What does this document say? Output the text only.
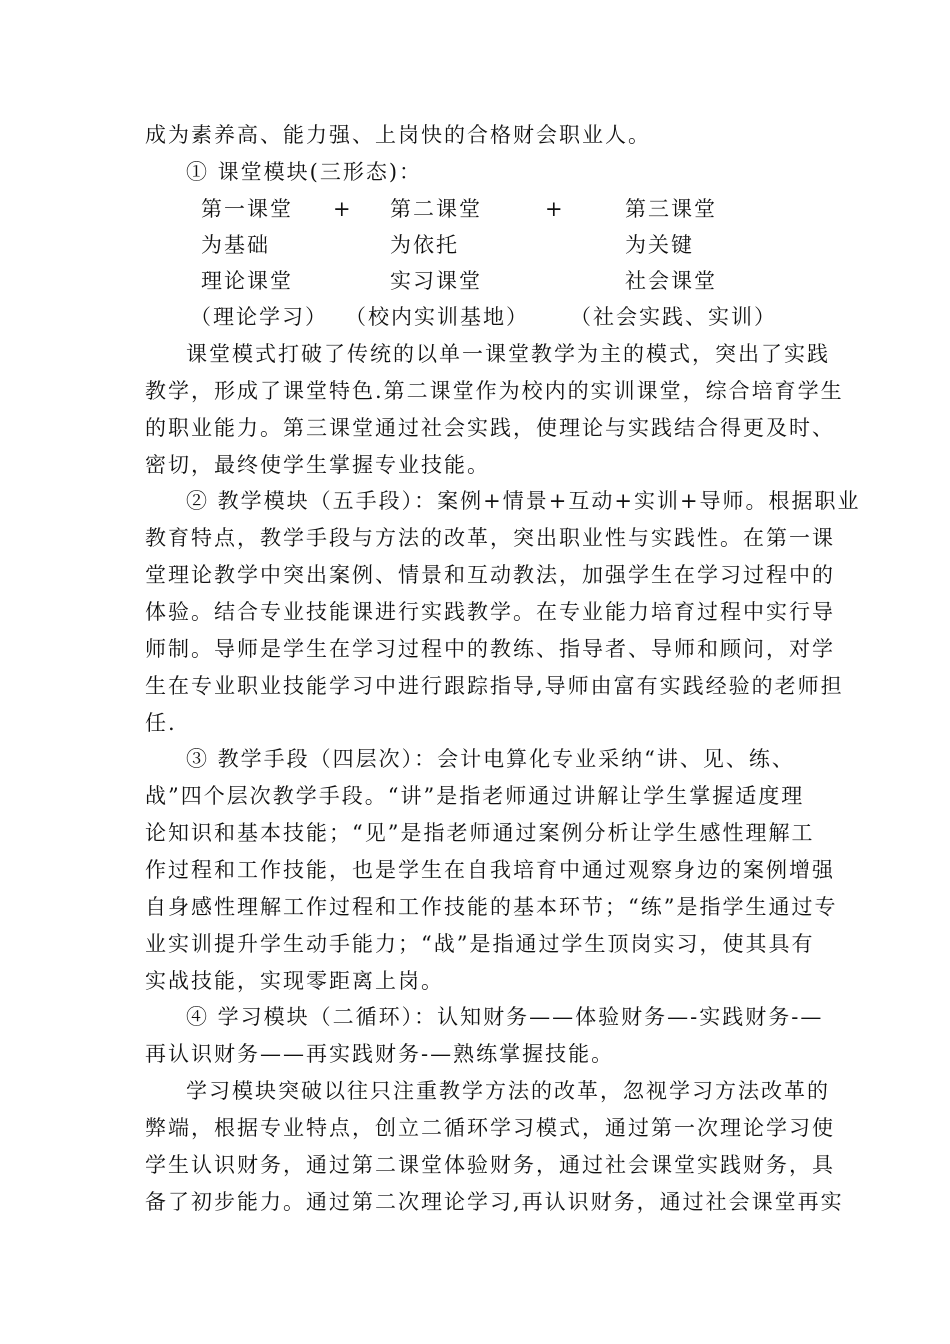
成为素养高、能力强、上岗快的合格财会职业人。
① 课堂模块(三形态)：
第一课堂 + 第二课堂	+	第三课堂
为基础	为依托	为关键
理论课堂	实习课堂	社会课堂
（理论学习） （校内实训基地） （社会实践、实训）
课堂模式打破了传统的以单一课堂教学为主的模式，突出了实践
教学，形成了课堂特色.第二课堂作为校内的实训课堂，综合培育学生
的职业能力。第三课堂通过社会实践，使理论与实践结合得更及时、
密切，最终使学生掌握专业技能。
② 教学模块（五手段）：案例+情景+互动+实训+导师。根据职业
教育特点，教学手段与方法的改革，突出职业性与实践性。在第一课
堂理论教学中突出案例、情景和互动教法，加强学生在学习过程中的
体验。结合专业技能课进行实践教学。在专业能力培育过程中实行导
师制。导师是学生在学习过程中的教练、指导者、导师和顾问，对学
生在专业职业技能学习中进行跟踪指导,导师由富有实践经验的老师担
任.
③ 教学手段（四层次）：会计电算化专业采纳“讲、见、练、
战”四个层次教学手段。“讲”是指老师通过讲解让学生掌握适度理
论知识和基本技能；“见”是指老师通过案例分析让学生感性理解工
作过程和工作技能，也是学生在自我培育中通过观察身边的案例增强
自身感性理解工作过程和工作技能的基本环节；“练”是指学生通过专
业实训提升学生动手能力；“战”是指通过学生顶岗实习，使其具有
实战技能，实现零距离上岗。
④ 学习模块（二循环）：认知财务——体验财务—-实践财务-—
再认识财务——再实践财务-—熟练掌握技能。
学习模块突破以往只注重教学方法的改革，忽视学习方法改革的
弊端，根据专业特点，创立二循环学习模式，通过第一次理论学习使
学生认识财务，通过第二课堂体验财务，通过社会课堂实践财务，具
备了初步能力。通过第二次理论学习,再认识财务，通过社会课堂再实
